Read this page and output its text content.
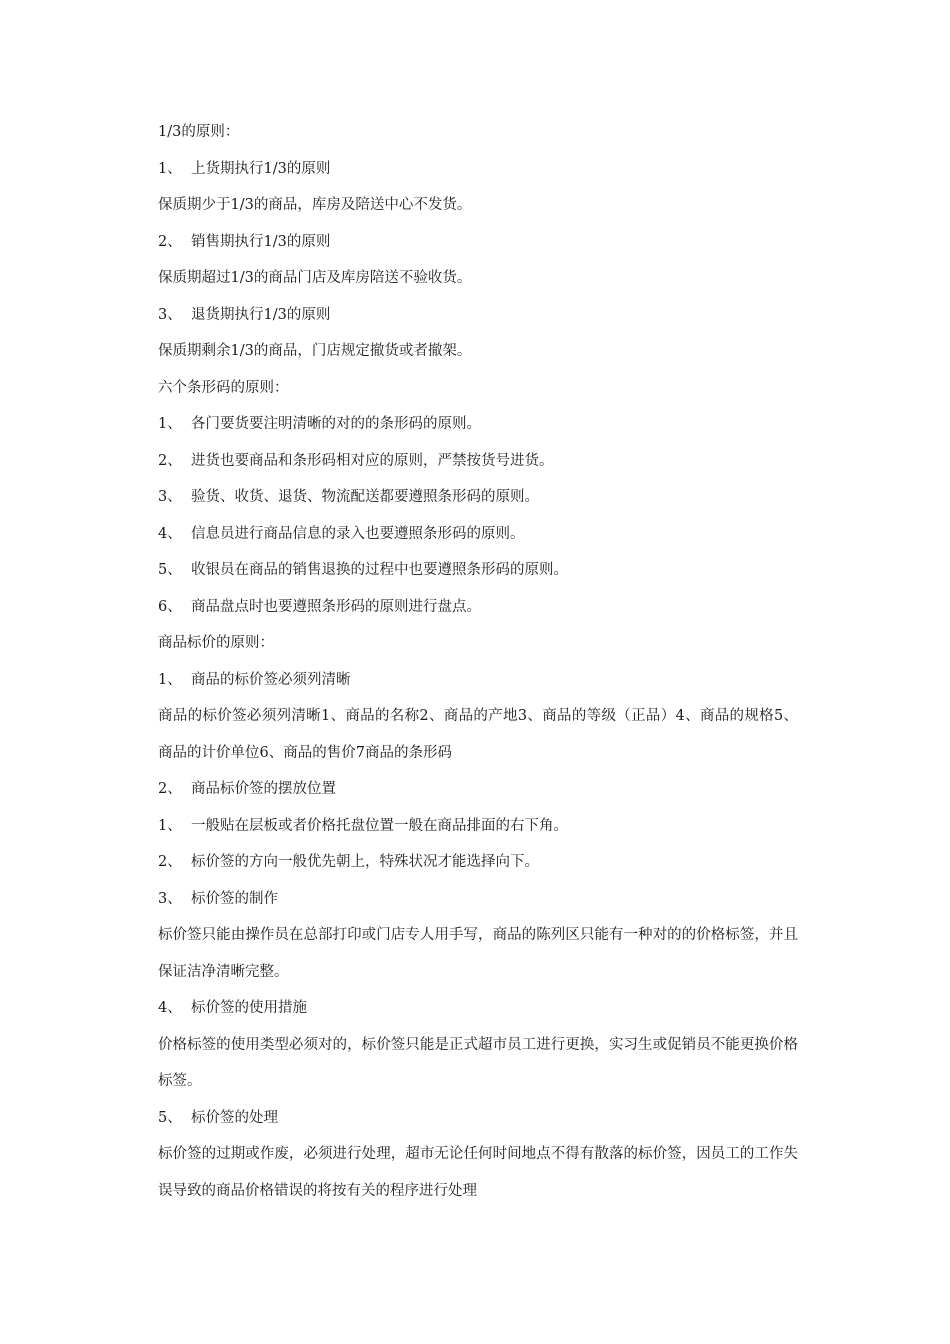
1/3的原则：

1、 上货期执行1/3的原则

保质期少于1/3的商品，库房及陪送中心不发货。

2、 销售期执行1/3的原则

保质期超过1/3的商品门店及库房陪送不验收货。

3、 退货期执行1/3的原则

保质期剩余1/3的商品，门店规定撤货或者撤架。

六个条形码的原则：

1、 各门要货要注明清晰的对的的条形码的原则。

2、 进货也要商品和条形码相对应的原则，严禁按货号进货。

3、 验货、收货、退货、物流配送都要遵照条形码的原则。

4、 信息员进行商品信息的录入也要遵照条形码的原则。

5、 收银员在商品的销售退换的过程中也要遵照条形码的原则。

6、 商品盘点时也要遵照条形码的原则进行盘点。

商品标价的原则：

1、 商品的标价签必须列清晰

商品的标价签必须列清晰1、商品的名称2、商品的产地3、商品的等级（正品）4、商品的规格5、商品的计价单位6、商品的售价7商品的条形码

2、 商品标价签的摆放位置

1、 一般贴在层板或者价格托盘位置一般在商品排面的右下角。

2、 标价签的方向一般优先朝上，特殊状况才能选择向下。

3、 标价签的制作

标价签只能由操作员在总部打印或门店专人用手写，商品的陈列区只能有一种对的的价格标签，并且保证洁净清晰完整。

4、 标价签的使用措施

价格标签的使用类型必须对的，标价签只能是正式超市员工进行更换，实习生或促销员不能更换价格标签。

5、 标价签的处理

标价签的过期或作废，必须进行处理，超市无论任何时间地点不得有散落的标价签，因员工的工作失误导致的商品价格错误的将按有关的程序进行处理
